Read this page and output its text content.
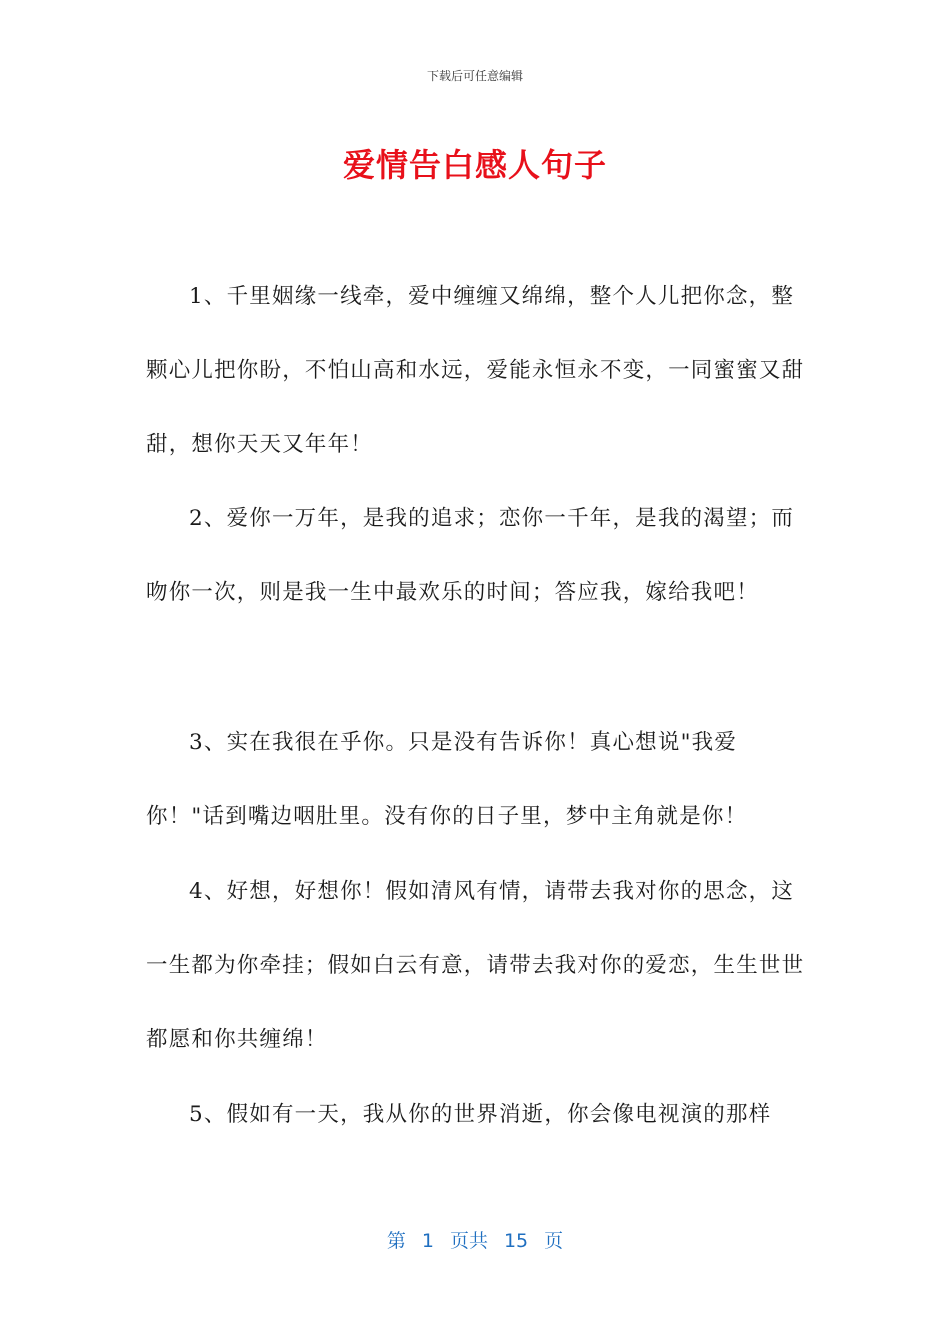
下载后可任意编辑
爱情告白感人句子

1、千里姻缘一线牵，爱中缠缠又绵绵，整个人儿把你念，整颗心儿把你盼，不怕山高和水远，爱能永恒永不变，一同蜜蜜又甜甜，想你天天又年年！

2、爱你一万年，是我的追求；恋你一千年，是我的渴望；而吻你一次，则是我一生中最欢乐的时间；答应我，嫁给我吧！

3、实在我很在乎你。只是没有告诉你！真心想说"我爱你！"话到嘴边咽肚里。没有你的日子里，梦中主角就是你！

4、好想，好想你！假如清风有情，请带去我对你的思念，这一生都为你牵挂；假如白云有意，请带去我对你的爱恋，生生世世都愿和你共缠绵！

5、假如有一天，我从你的世界消逝，你会像电视演的那样

第 1 页共 15 页
